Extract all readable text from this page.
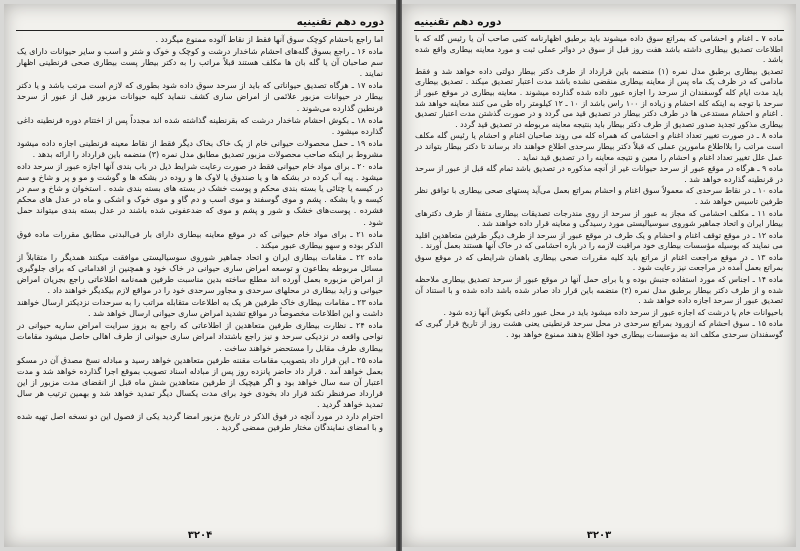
دوره دهم تقنینیه

اما راجع باحشام کوچک سوق آنها فقط از نقاط آلوده ممنوع میگردد .

ماده ۱۶ ـ راجع بسوق گله‌های احشام شاخدار درشت و کوچک و خوک و شتر و اسب و سایر حیوانات دارای یک سم صاحبان آن یا گله بان ها مکلف هستند قبلاً مراتب را به دکتر بیطار پست بیطاری صحی قرنطینی اظهار نمایند .

ماده ۱۷ ـ هرگاه تصدیق حیواناتی که باید از سرحد سوق داده شود بطوری که لازم است مرتب باشد و یا دکتر بیطار در حیوانات مزبور علائمی از امراض ساری کشف ننماید کلیه حیوانات مزبور قبل از عبور از سرحد قرنطین گذارده می‌شوند .

ماده ۱۸ ـ بکوش احشام شاخدار درشت که بقرنطینه گذاشته شده اند مجدداً پس از اختتام دوره قرنطینه داغی گذارده میشود .

ماده ۱۹ ـ حمل محصولات حیوانی خام از یک خاک بخاک دیگر فقط از نقاط معینه قرنطینی اجازه داده میشود مشروط بر اینکه صاحب محصولات مزبور تصدیق مطابق مدل نمره (۳) منضمه باین قرارداد را ارائه بدهد .

ماده ۲۰ ـ برای مواد خام حیوانی فقط در صورت رعایت شرایط ذیل در باب بندی آنها اجازه عبور از سرحد داده میشود . پیه آب کرده در بشکه ها و یا صندوق یا لاوک ها و روده در بشکه ها و گوشت و مو و پر و شاخ و سم در کیسه یا چتائی یا بسته بندی محکم و پوست خشک در بسته های بسته بندی شده . استخوان و شاخ و سم در کیسه و یا بشکه . پشم و موی گوسفند و موی اسب و دم گاو و موی خوک و اشکی و ماه در عدل های محکم فشرده . پوست‌های خشک و شور و پشم و موی که ضدعفونی شده باشند در عدل بسته بندی میتواند حمل شود .

ماده ۲۱ ـ برای مواد خام حیوانی که در موقع معاینه بیطاری دارای بار فی‌البدنی مطابق مقررات ماده فوق الذکر بوده و سهو بیطاری عبور میکند .

ماده ۲۲ ـ مقامات بیطاری ایران و اتحاد جماهیر شوروی سوسیالیستی موافقت میکنند همدیگر را متقابلاً از مسائل مربوطه بطاعون و توسعه امراض ساری حیوانی در خاک خود و همچنین از اقداماتی که برای جلوگیری از امراض مزبوره بعمل آورده اند مطلع ساخته بدین مناسبت طرفین همه‌نامه اطلاعاتی راجع بجریان امراض حیوانی و زاید بیطاری در محلهای سرحدی و مجاور سرحدی خود را در مواقع لازم بیکدیگر خواهند داد .

ماده ۲۳ ـ مقامات بیطاری خاک طرفین هر یک به اطلاعات متقابله مراتب را به سرحدات نزدیکتر ارسال خواهند داشت و این اطلاعات مخصوصاً در مواقع تشدید امراض ساری حیوانی ارسال خواهد شد .

ماده ۲۴ ـ نظارت بیطاری طرفین متعاهدین از اطلاعاتی که راجع به بروز سرایت امراض ساریه حیوانی در نواحی واقعه در نزدیکی سرحد و نیز راجع باشتداد امراض ساری حیوانی از طرف اهالی حاصل میشود مقامات بیطاری طرف مقابل را مستحضر خواهند ساخت .

ماده ۲۵ ـ این قرار داد بتصویب مقامات مقننه طرفین متعاهدین خواهد رسید و مبادله نسخ مصدق آن در مسکو بعمل خواهد آمد . قرار داد حاضر پانزده روز پس از مبادله اسناد تصویب بموقع اجرا گذارده خواهد شد و مدت اعتبار آن سه سال خواهد بود و اگر هیچیک از طرفین متعاهدین شش ماه قبل از انقضای مدت مزبور از این قرارداد صرفنظر نکند قرار داد بخودی خود برای مدت یکسال دیگر تمدید خواهد شد و بهمین ترتیب هر سال تمدید خواهد گردید .

احترام دارد در مورد آنچه در فوق الذکر در تاریخ مزبور امضا گردید یکی از فصول این دو نسخه اصل تهیه شده و با امضای نمایندگان مختار طرفین ممضی گردید .

۳۲۰۴
دوره دهم تقنینیه

ماده ۷ ـ اغنام و احشامی که بمراتع سوق داده میشوند باید برطبق اظهارنامه کتبی صاحب آن یا رئیس گله که با اطلاعات تصدیق بیطاری داشته باشد هفت روز قبل از سوق در دوائر عملی ثبت و مورد معاینه بیطاری واقع شده باشد .

تصدیق بیطاری برطبق مدل نمره (۱) منضمه باین قرارداد از طرف دکتر بیطار دولتی داده خواهد شد و فقط مادامی که در ظرف یک ماه پس از معاینه بیطاری منقضی نشده باشد مدت اعتبار تصدیق میکند . تصدیق بیطاری باید مدت ایام کله گوسفندان از سرحد را اجازه عبور داده شده گذارده میشوند . معاینه بیطاری در موقع عبور از سرحد با توجه به اینکه کله احشام و زیاده از ۱۰۰ راس باشد از ۱۰ ـ ۱۲ کیلومتر راه طی می کنند معاینه خواهد شد . اغنام و احشام مستدعی ها در طرف دکتر بیطار در تصدیق قید می گردد و در صورت گذشتن مدت اعتبار تصدیق بیطاری مذکور تجدید صدور تصدیق از طرف دکتر بیطار باید بنتیجه معاینه مربوطه در تصدیق قید گردد .

ماده ۸ ـ در صورت تغییر تعداد اغنام و احشامی که همراه کله می روند صاحبان اغنام و احشام یا رئیس گله مکلف است مراتب را بلااطلاع مامورین عملی که قبلاً دکتر بیطار سرحدی اطلاع خواهند داد برساند تا دکتر بیطار بتواند در عمل علل تغییر تعداد اغنام و احشام را معین و نتیجه معاینه را در تصدیق قید نماید .

ماده ۹ ـ هرگاه در موقع عبور از سرحد حیوانات غیر از آنچه مذکوره در تصدیق باشد تمام گله قبل از عبور از سرحد در قرنطینه گذارده خواهد شد .

ماده ۱۰ ـ در نقاط سرحدی که معمولاً سوق اغنام و احشام بمراتع بعمل می‌آید پستهای صحی بیطاری با توافق نظر طرفین تاسیس خواهد شد .

ماده ۱۱ ـ مکلف احشامی که مجاز به عبور از سرحد از روی مندرجات تصدیقات بیطاری متفقاً از طرف دکترهای بیطار ایران و اتحاد جماهیر شوروی سوسیالیستی مورد رسیدگی و معاینه قرار داده خواهند شد .

ماده ۱۲ ـ در موقع توقف اغنام و احشام و یک طرف در موقع عبور از سرحد از طرف دیگر طرفین متعاهدین اقلید می نمایند که بوسیله مؤسسات بیطاری خود مراقبت لازمه را در باره احشامی که در خاک آنها هستند بعمل آورند .

ماده ۱۳ ـ در موقع مراجعت اغنام از مراتع باید کلیه مقررات صحی بیطاری باهمان شرایطی که در موقع سوق بمراتع بعمل آمده در مراجعت نیز رعایت شود .

ماده ۱۴ ـ اجناس که مورد استفاده جنبش بوده و یا برای حمل آنها در موقع عبور از سرحد تصدیق بیطاری ملاحظه شده و از طرف دکتر بیطار برطبق مدل نمره (۲) منضمه باین قرار داد صادر شده باشد داده شده و با استناد آن تصدیق عبور از سرحد اجازه داده خواهد شد .

باحیوانات خام یا درشت که اجازه عبور از سرحد داده میشود باید در محل عبور داغی بکوش آنها زده شود .

ماده ۱۵ ـ سوق احشام که ازورود بمراتع سرحدی در محل سرحد قرنطینی یعنی هشت روز از تاریخ قرار گیری که گوسفندان سرحدی مکلف اند به مؤسسات بیطاری خود اطلاع بدهند ممنوع خواهد بود .

۳۲۰۳
